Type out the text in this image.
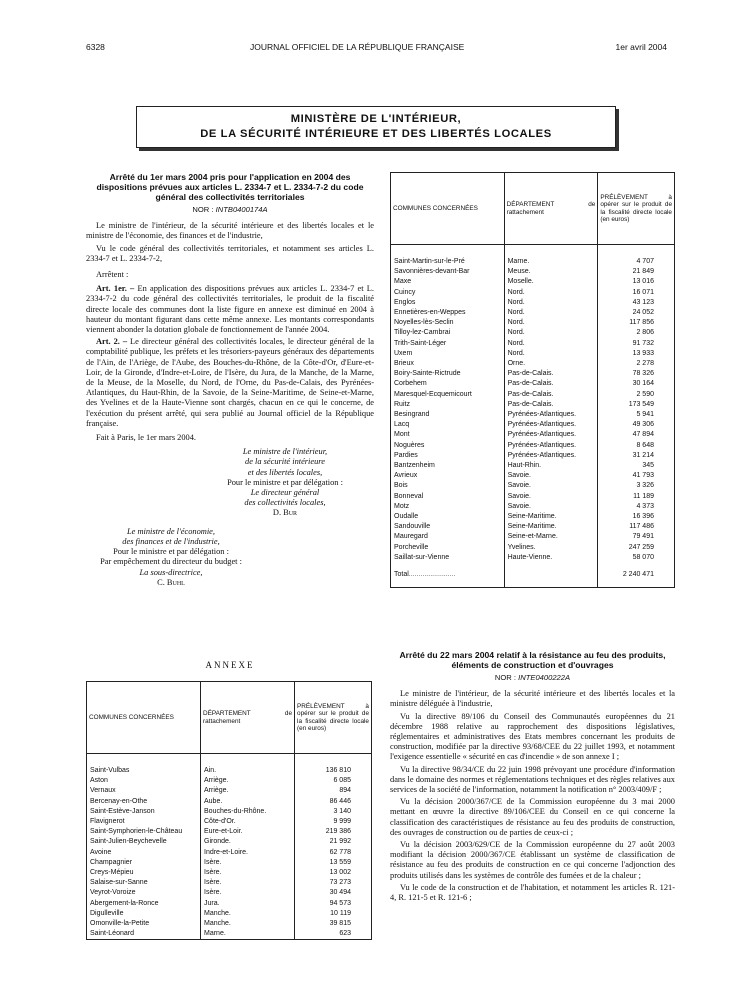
6328	JOURNAL OFFICIEL DE LA RÉPUBLIQUE FRANÇAISE	1er avril 2004
MINISTÈRE DE L'INTÉRIEUR,
DE LA SÉCURITÉ INTÉRIEURE ET DES LIBERTÉS LOCALES
Arrêté du 1er mars 2004 pris pour l'application en 2004 des dispositions prévues aux articles L. 2334-7 et L. 2334-7-2 du code général des collectivités territoriales
NOR : INTB0400174A

Le ministre de l'intérieur, de la sécurité intérieure et des libertés locales et le ministre de l'économie, des finances et de l'industrie,

Vu le code général des collectivités territoriales, et notamment ses articles L. 2334-7 et L. 2334-7-2,

Arrêtent :

Art. 1er. – En application des dispositions prévues aux articles L. 2334-7 et L. 2334-7-2 du code général des collectivités territoriales, le produit de la fiscalité directe locale des communes dont la liste figure en annexe est diminué en 2004 à hauteur du montant figurant dans cette même annexe. Les montants correspondants viennent abonder la dotation globale de fonctionnement de l'année 2004.

Art. 2. – Le directeur général des collectivités locales, le directeur général de la comptabilité publique, les préfets et les trésoriers-payeurs généraux des départements de l'Ain, de l'Ariège, de l'Aube, des Bouches-du-Rhône, de la Côte-d'Or, d'Eure-et-Loir, de la Gironde, d'Indre-et-Loire, de l'Isère, du Jura, de la Manche, de la Marne, de la Meuse, de la Moselle, du Nord, de l'Orne, du Pas-de-Calais, des Pyrénées-Atlantiques, du Haut-Rhin, de la Savoie, de la Seine-Maritime, de Seine-et-Marne, des Yvelines et de la Haute-Vienne sont chargés, chacun en ce qui le concerne, de l'exécution du présent arrêté, qui sera publié au Journal officiel de la République française.

Fait à Paris, le 1er mars 2004.

Le ministre de l'intérieur,
de la sécurité intérieure
et des libertés locales,
Pour le ministre et par délégation :
Le directeur général
des collectivités locales,
D. Bur
Le ministre de l'économie,
des finances et de l'industrie,
Pour le ministre et par délégation :
Par empêchement du directeur du budget :
La sous-directrice,
C. Buhl
ANNEXE
COMMUNES CONCERNÉES	DÉPARTEMENT de rattachement	PRÉLÈVEMENT à opérer sur le produit de la fiscalité directe locale (en euros)
Saint-Vulbas	Ain.	136 810
Aston	Arriège.	6 085
Vernaux	Arriège.	894
Bercenay-en-Othe	Aube.	86 446
Saint-Estève-Janson	Bouches-du-Rhône.	3 140
Flavignerot	Côte-d'Or.	9 999
Saint-Symphorien-le-Château	Eure-et-Loir.	219 386
Saint-Julien-Beychevelle	Gironde.	21 992
Avoine	Indre-et-Loire.	62 778
Champagnier	Isère.	13 559
Creys-Mépieu	Isère.	13 002
Salaise-sur-Sanne	Isère.	73 273
Veyrot-Voroize	Isère.	30 494
Abergement-la-Ronce	Jura.	94 573
Digulleville	Manche.	10 119
Omonville-la-Petite	Manche.	39 815
Saint-Léonard	Marne.	623
COMMUNES CONCERNÉES	DÉPARTEMENT de rattachement	PRÉLÈVEMENT à opérer sur le produit de la fiscalité directe locale (en euros)
Saint-Martin-sur-le-Pré	Marne.	4 707
Savonnières-devant-Bar	Meuse.	21 849
Maxe	Moselle.	13 016
Cuincy	Nord.	16 071
Englos	Nord.	43 123
Ennetières-en-Weppes	Nord.	24 052
Noyelles-lès-Seclin	Nord.	117 856
Tilloy-lez-Cambrai	Nord.	2 806
Trith-Saint-Léger	Nord.	91 732
Uxem	Nord.	13 933
Brieux	Orne.	2 278
Boiry-Sainte-Rictrude	Pas-de-Calais.	78 326
Corbehem	Pas-de-Calais.	30 164
Maresquel-Ecquemicourt	Pas-de-Calais.	2 590
Ruitz	Pas-de-Calais.	173 549
Besingrand	Pyrénées-Atlantiques.	5 941
Lacq	Pyrénées-Atlantiques.	49 306
Mont	Pyrénées-Atlantiques.	47 894
Noguères	Pyrénées-Atlantiques.	8 648
Pardies	Pyrénées-Atlantiques.	31 214
Bantzenheim	Haut-Rhin.	345
Avrieux	Savoie.	41 793
Bois	Savoie.	3 326
Bonneval	Savoie.	11 189
Motz	Savoie.	4 373
Oudalle	Seine-Maritime.	16 396
Sandouville	Seine-Maritime.	117 486
Mauregard	Seine-et-Marne.	79 491
Porcheville	Yvelines.	247 259
Saillat-sur-Vienne	Haute-Vienne.	58 070
Total........................		2 240 471
Arrêté du 22 mars 2004 relatif à la résistance au feu des produits, éléments de construction et d'ouvrages
NOR : INTE0400222A

Le ministre de l'intérieur, de la sécurité intérieure et des libertés locales et la ministre déléguée à l'industrie,

Vu la directive 89/106 du Conseil des Communautés européennes du 21 décembre 1988 relative au rapprochement des dispositions législatives, réglementaires et administratives des Etats membres concernant les produits de construction, modifiée par la directive 93/68/CEE du 22 juillet 1993, et notamment l'exigence essentielle « sécurité en cas d'incendie » de son annexe I ;

Vu la directive 98/34/CE du 22 juin 1998 prévoyant une procédure d'information dans le domaine des normes et réglementations techniques et des règles relatives aux services de la société de l'information, notamment la notification n° 2003/409/F ;

Vu la décision 2000/367/CE de la Commission européenne du 3 mai 2000 mettant en œuvre la directive 89/106/CEE du Conseil en ce qui concerne la classification des caractéristiques de résistance au feu des produits de construction, des ouvrages de construction ou de parties de ceux-ci ;

Vu la décision 2003/629/CE de la Commission européenne du 27 août 2003 modifiant la décision 2000/367/CE établissant un système de classification de résistance au feu des produits de construction en ce qui concerne l'adjonction des produits utilisés dans les systèmes de contrôle des fumées et de la chaleur ;

Vu le code de la construction et de l'habitation, et notamment les articles R. 121-4, R. 121-5 et R. 121-6 ;
